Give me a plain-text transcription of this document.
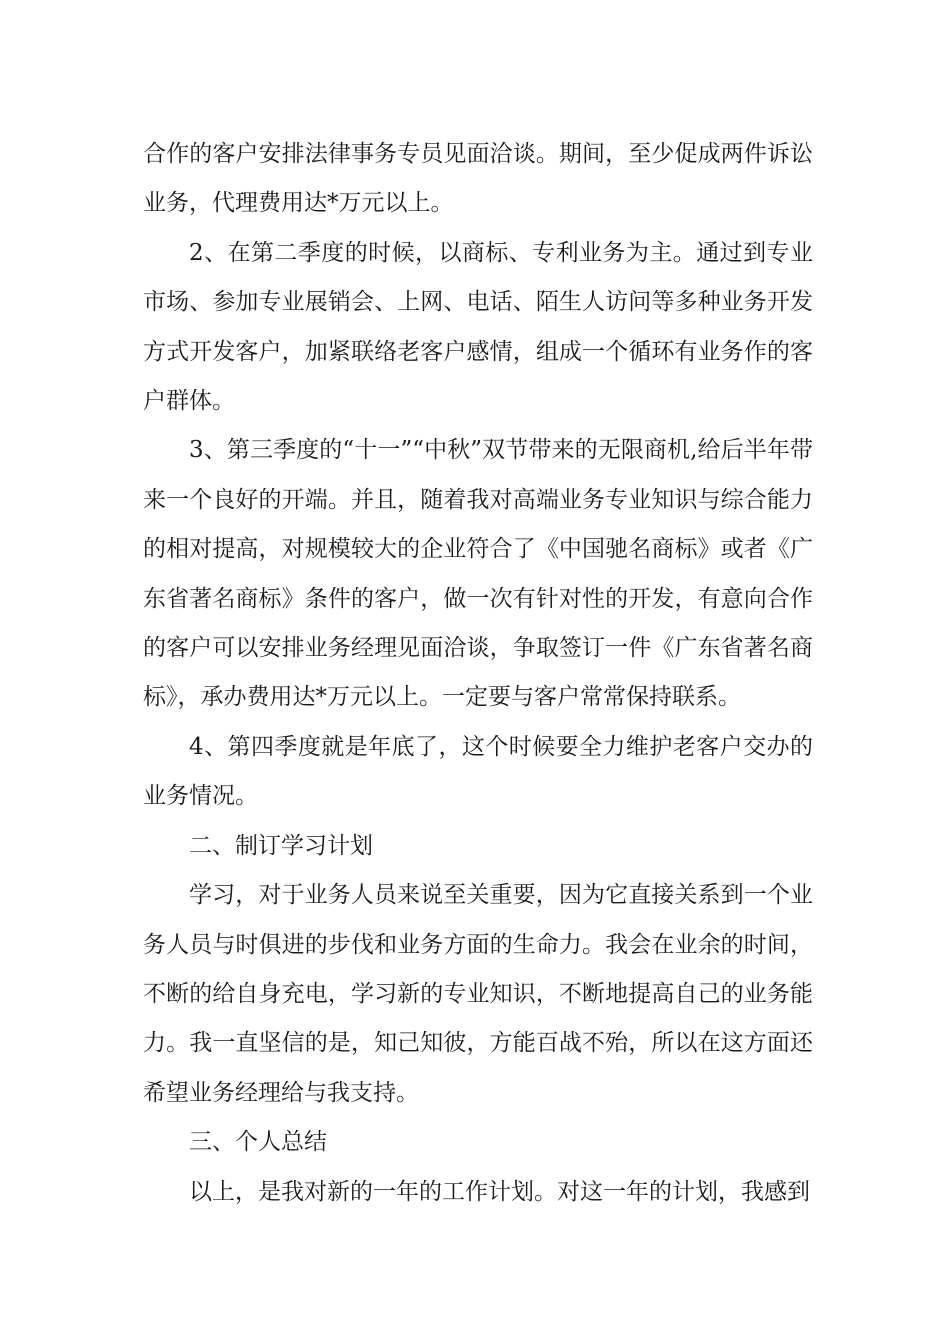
合作的客户安排法律事务专员见面洽谈。期间，至少促成两件诉讼业务，代理费用达*万元以上。

2、在第二季度的时候，以商标、专利业务为主。通过到专业市场、参加专业展销会、上网、电话、陌生人访问等多种业务开发方式开发客户，加紧联络老客户感情，组成一个循环有业务作的客户群体。

3、第三季度的“十一”“中秋”双节带来的无限商机,给后半年带来一个良好的开端。并且，随着我对高端业务专业知识与综合能力的相对提高，对规模较大的企业符合了《中国驰名商标》或者《广东省著名商标》条件的客户，做一次有针对性的开发，有意向合作的客户可以安排业务经理见面洽谈，争取签订一件《广东省著名商标》，承办费用达*万元以上。一定要与客户常常保持联系。

4、第四季度就是年底了，这个时候要全力维护老客户交办的业务情况。

二、制订学习计划

学习，对于业务人员来说至关重要，因为它直接关系到一个业务人员与时俱进的步伐和业务方面的生命力。我会在业余的时间，不断的给自身充电，学习新的专业知识，不断地提高自己的业务能力。我一直坚信的是，知己知彼，方能百战不殆，所以在这方面还希望业务经理给与我支持。

三、个人总结

以上，是我对新的一年的工作计划。对这一年的计划，我感到
